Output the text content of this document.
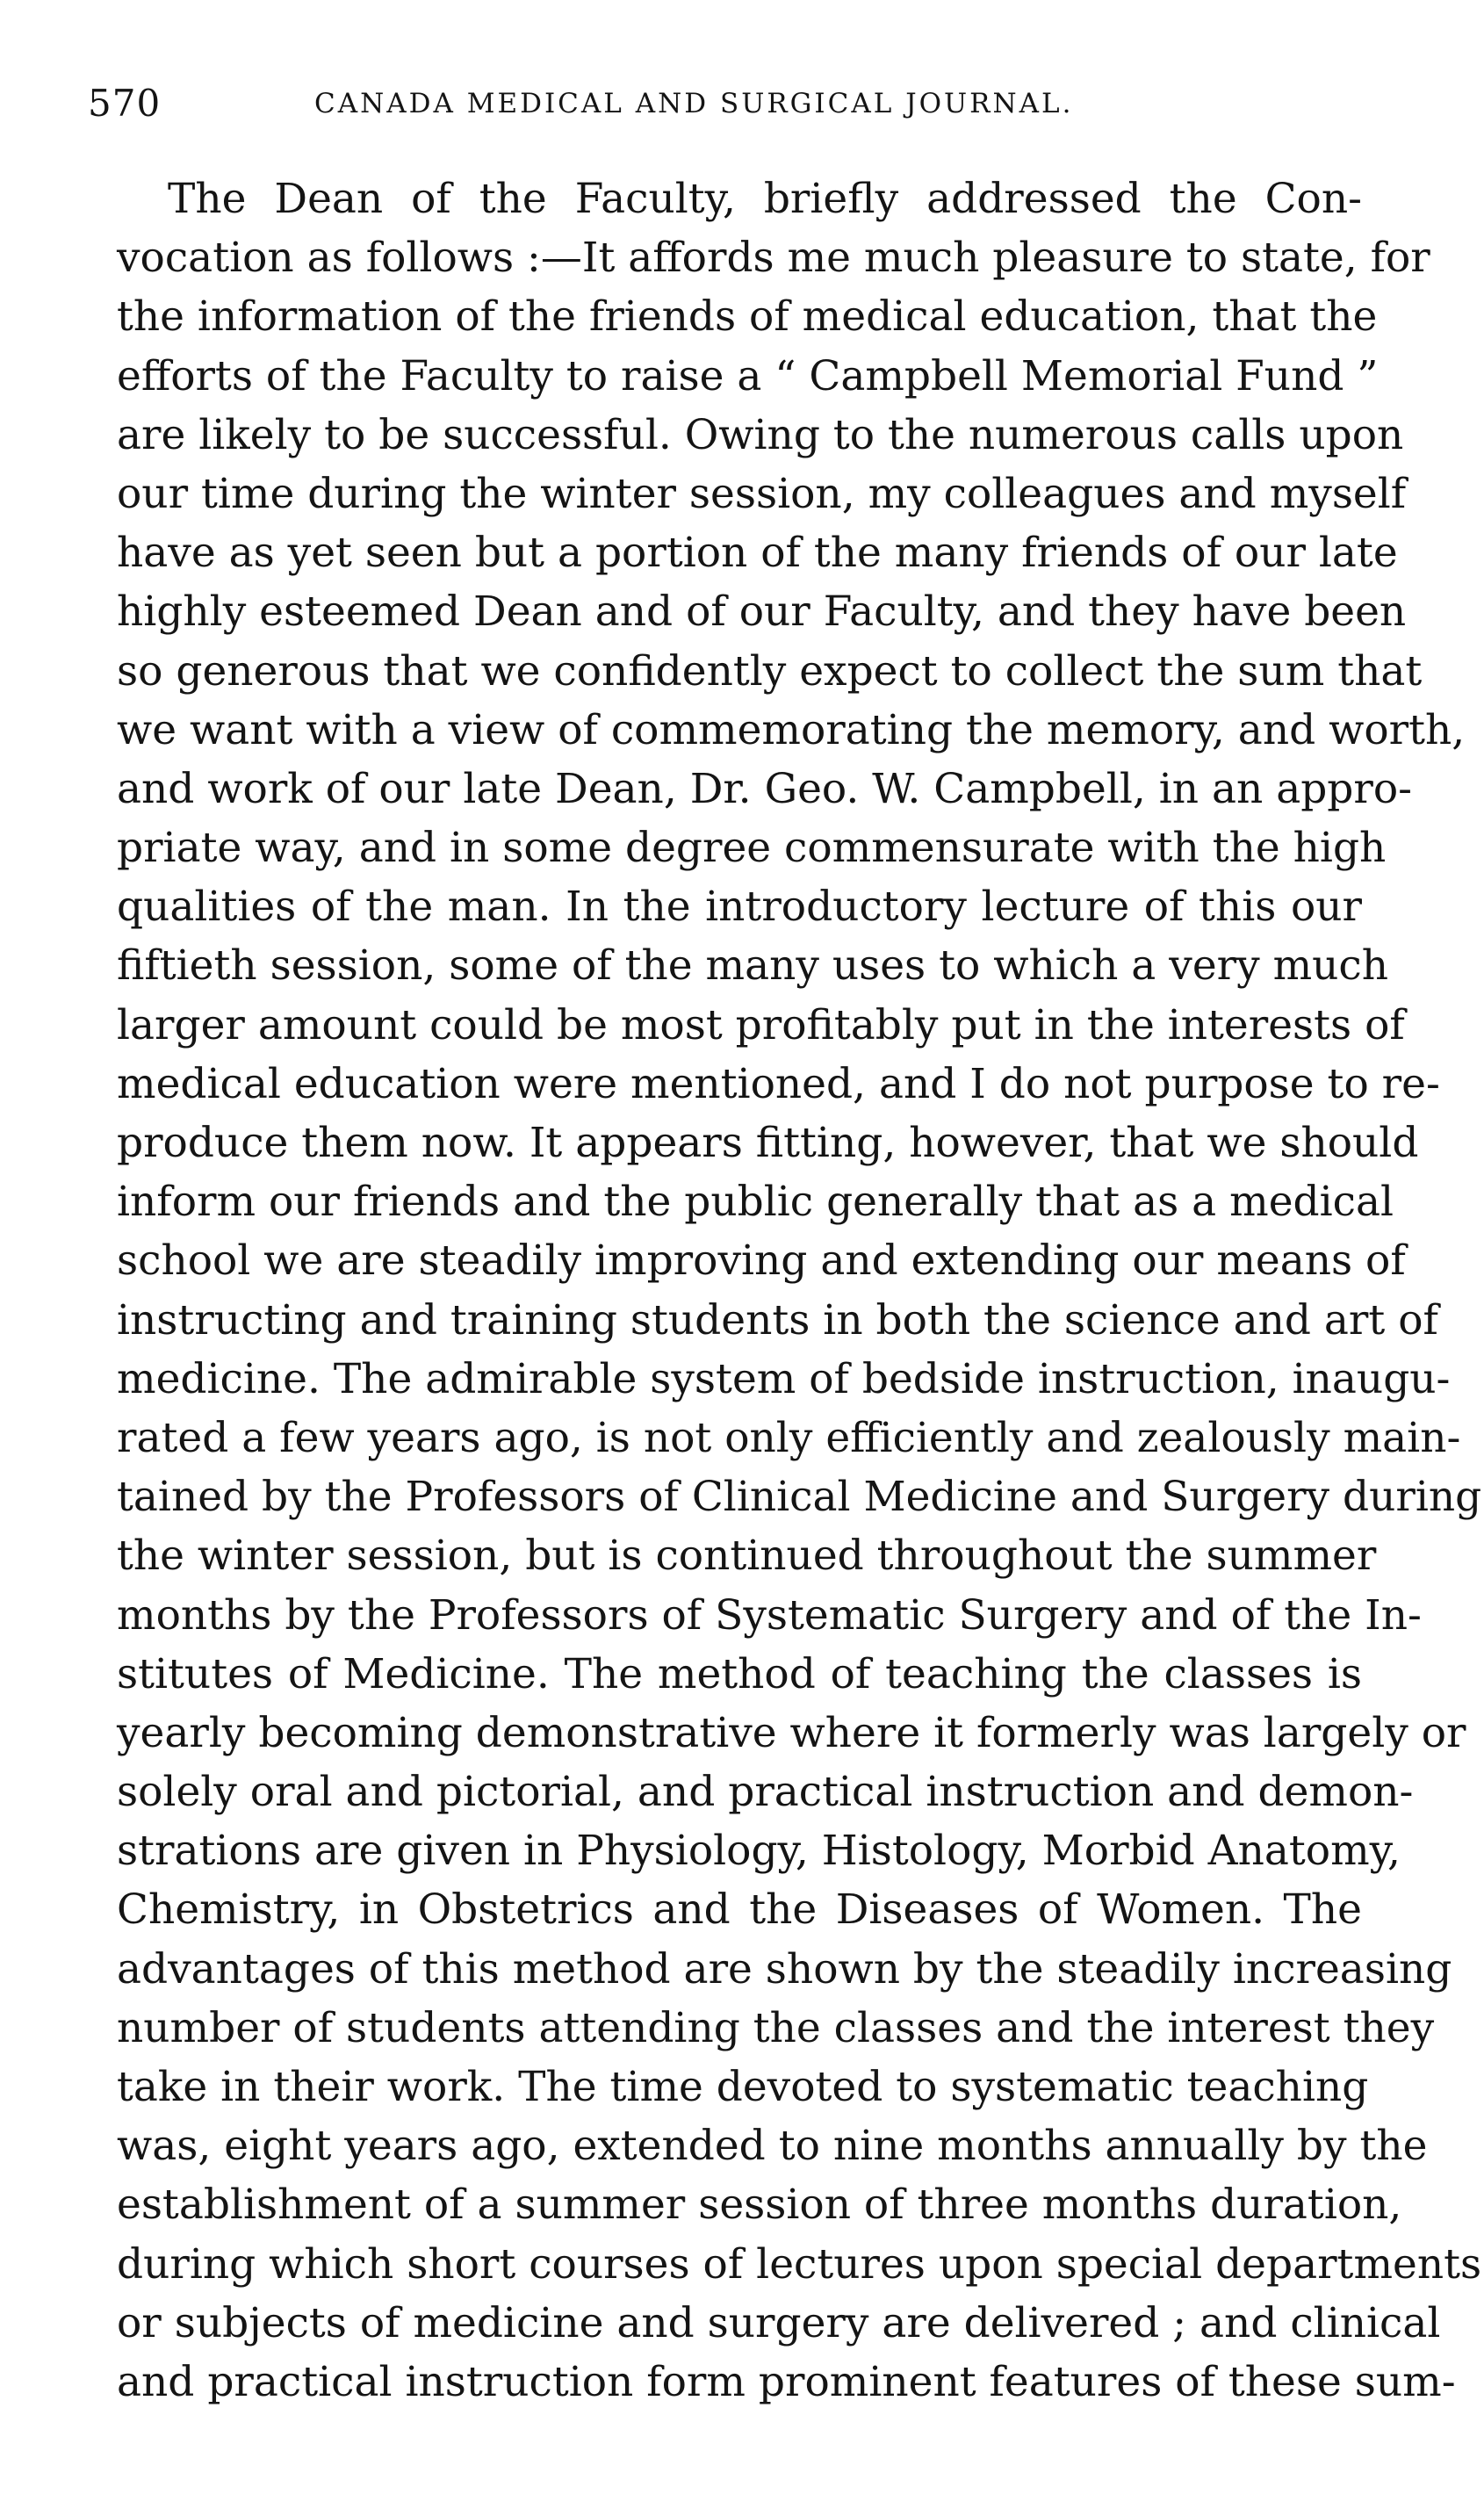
570	CANADA MEDICAL AND SURGICAL JOURNAL.
The Dean of the Faculty, briefly addressed the Con-
vocation as follows :—It affords me much pleasure to state, for
the information of the friends of medical education, that the
efforts of the Faculty to raise a “ Campbell Memorial Fund ”
are likely to be successful. Owing to the numerous calls upon
our time during the winter session, my colleagues and myself
have as yet seen but a portion of the many friends of our late
highly esteemed Dean and of our Faculty, and they have been
so generous that we confidently expect to collect the sum that
we want with a view of commemorating the memory, and worth,
and work of our late Dean, Dr. Geo. W. Campbell, in an appro-
priate way, and in some degree commensurate with the high
qualities of the man. In the introductory lecture of this our
fiftieth session, some of the many uses to which a very much
larger amount could be most profitably put in the interests of
medical education were mentioned, and I do not purpose to re-
produce them now. It appears fitting, however, that we should
inform our friends and the public generally that as a medical
school we are steadily improving and extending our means of
instructing and training students in both the science and art of
medicine. The admirable system of bedside instruction, inaugu-
rated a few years ago, is not only efficiently and zealously main-
tained by the Professors of Clinical Medicine and Surgery during
the winter session, but is continued throughout the summer
months by the Professors of Systematic Surgery and of the In-
stitutes of Medicine. The method of teaching the classes is
yearly becoming demonstrative where it formerly was largely or
solely oral and pictorial, and practical instruction and demon-
strations are given in Physiology, Histology, Morbid Anatomy,
Chemistry, in Obstetrics and the Diseases of Women. The
advantages of this method are shown by the steadily increasing
number of students attending the classes and the interest they
take in their work. The time devoted to systematic teaching
was, eight years ago, extended to nine months annually by the
establishment of a summer session of three months duration,
during which short courses of lectures upon special departments
or subjects of medicine and surgery are delivered ; and clinical
and practical instruction form prominent features of these sum-
